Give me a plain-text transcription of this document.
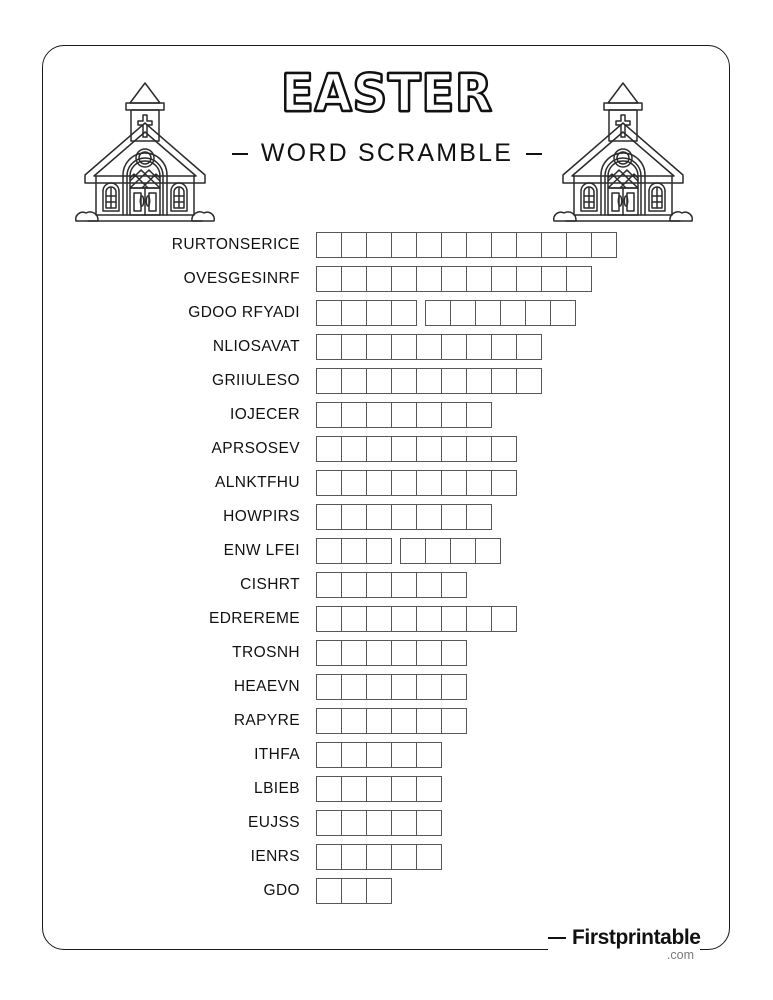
EASTER
WORD SCRAMBLE
RURTONSERICE
OVESGESINRF
GDOO RFYADI
NLIOSAVAT
GRIIULESO
IOJECER
APRSOSEV
ALNKTFHU
HOWPIRS
ENW LFEI
CISHRT
EDREREME
TROSNH
HEAEVN
RAPYRE
ITHFA
LBIEB
EUJSS
IENRS
GDO
Firstprintable
.com
